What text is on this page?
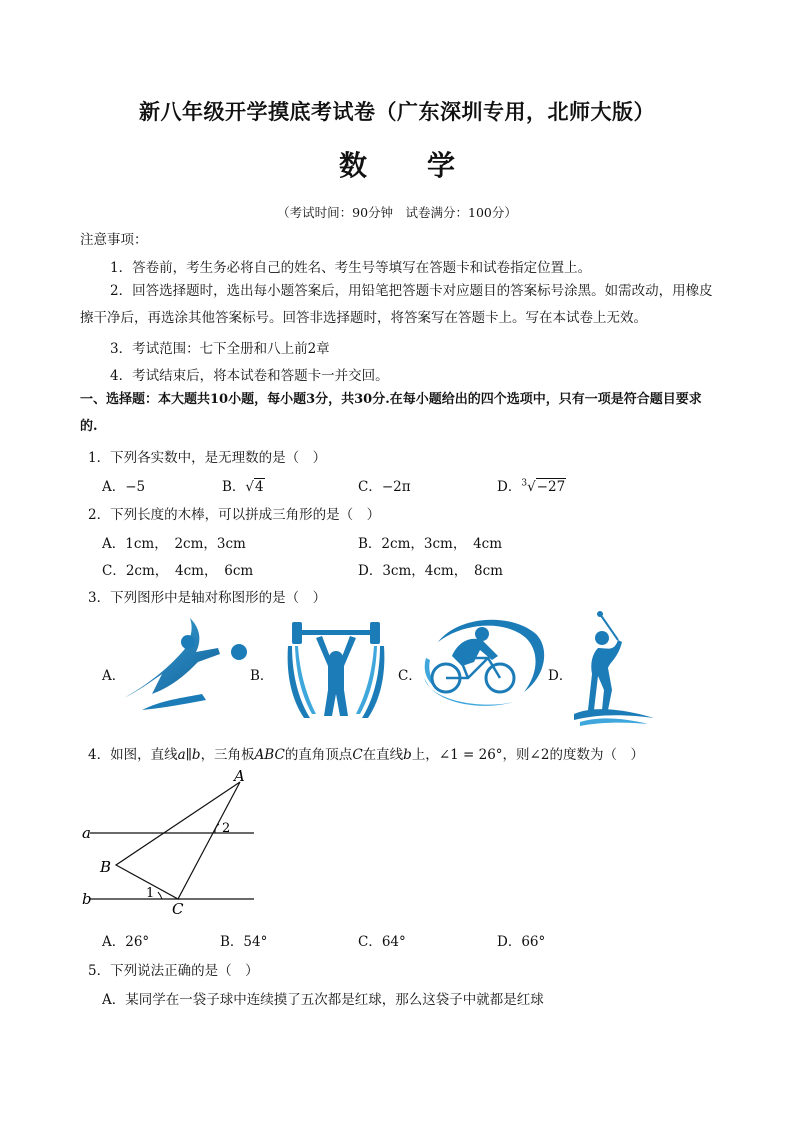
新八年级开学摸底考试卷（广东深圳专用，北师大版）
数 学
（考试时间：90分钟　试卷满分：100分）
注意事项：
1．答卷前，考生务必将自己的姓名、考生号等填写在答题卡和试卷指定位置上。
2．回答选择题时，选出每小题答案后，用铅笔把答题卡对应题目的答案标号涂黑。如需改动，用橡皮擦干净后，再选涂其他答案标号。回答非选择题时，将答案写在答题卡上。写在本试卷上无效。
3．考试范围：七下全册和八上前2章
4．考试结束后，将本试卷和答题卡一并交回。
一、选择题：本大题共10小题，每小题3分，共30分.在每小题给出的四个选项中，只有一项是符合题目要求的.
1．下列各实数中，是无理数的是（　）
A．−5	B．√4	C．−2π	D．$^3$√−27
2．下列长度的木棒，可以拼成三角形的是（　）
A．1cm，　2cm，3cm	B．2cm，3cm，　4cm
C．2cm，　4cm，　6cm	D．3cm，4cm，　8cm
3．下列图形中是轴对称图形的是（　）
A．	B．	C．	D．
4．如图，直线a∥b，三角板ABC的直角顶点C在直线b上，∠1 = 26°，则∠2的度数为（　）
A
B
C
a
b	1
2
A．26°	B．54°	C．64°	D．66°
5．下列说法正确的是（　）
A．某同学在一袋子球中连续摸了五次都是红球，那么这袋子中就都是红球
